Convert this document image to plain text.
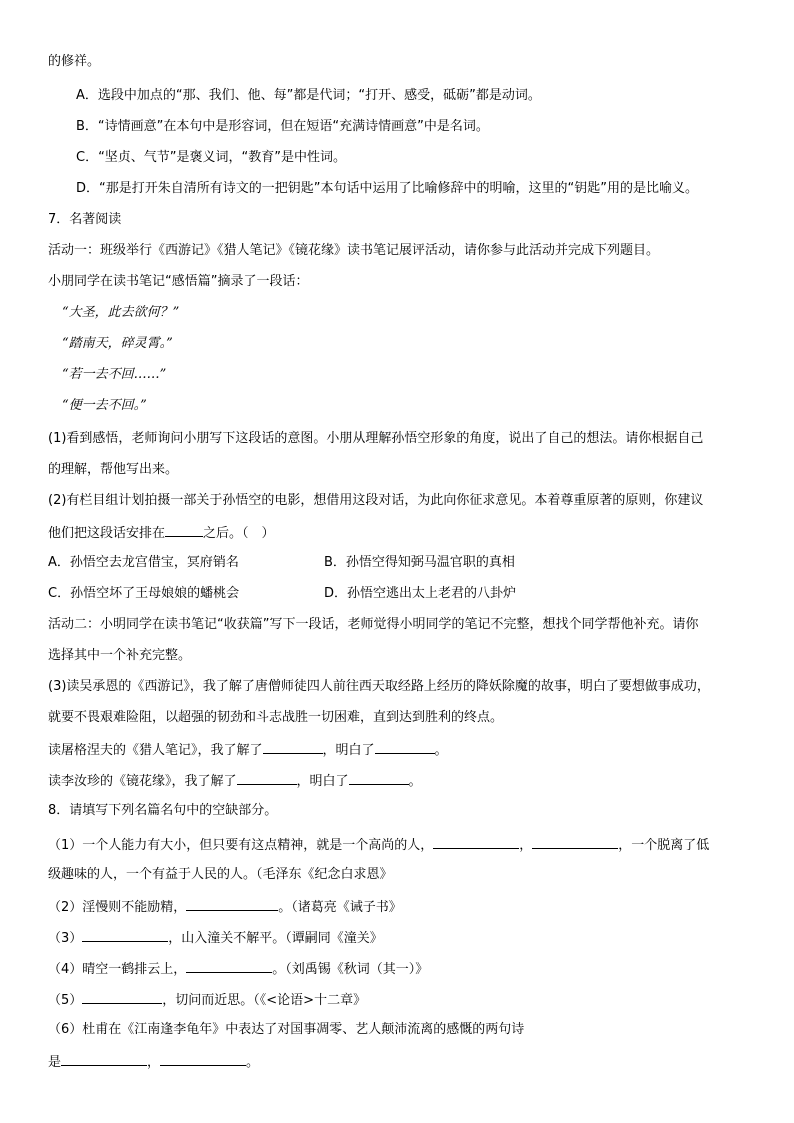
的修祥。
A．选段中加点的“那、我们、他、每”都是代词；“打开、感受，砥砺”都是动词。
B．“诗情画意”在本句中是形容词，但在短语“充满诗情画意”中是名词。
C．“坚贞、气节”是褒义词，“教育”是中性词。
D．“那是打开朱自清所有诗文的一把钥匙”本句话中运用了比喻修辞中的明喻，这里的“钥匙”用的是比喻义。
7．名著阅读
活动一：班级举行《西游记》《猎人笔记》《镜花缘》读书笔记展评活动，请你参与此活动并完成下列题目。
小朋同学在读书笔记“感悟篇”摘录了一段话：
“大圣，此去欲何？”
“踏南天，碎灵霄。”
“若一去不回……”
“便一去不回。”
(1)看到感悟，老师询问小朋写下这段话的意图。小朋从理解孙悟空形象的角度，说出了自己的想法。请你根据自己
的理解，帮他写出来。
(2)有栏目组计划拍摄一部关于孙悟空的电影，想借用这段对话，为此向你征求意见。本着尊重原著的原则，你建议
他们把这段话安排在	之后。（　）
A．孙悟空去龙宫借宝，冥府销名	B．孙悟空得知弼马温官职的真相
C．孙悟空坏了王母娘娘的蟠桃会	D．孙悟空逃出太上老君的八卦炉
活动二：小明同学在读书笔记“收获篇”写下一段话，老师觉得小明同学的笔记不完整，想找个同学帮他补充。请你
选择其中一个补充完整。
(3)读吴承恩的《西游记》，我了解了唐僧师徒四人前往西天取经路上经历的降妖除魔的故事，明白了要想做事成功，
就要不畏艰难险阻，以超强的韧劲和斗志战胜一切困难，直到达到胜利的终点。
读屠格涅夫的《猎人笔记》，我了解了	，明白了	。
读李汝珍的《镜花缘》，我了解了	，明白了	。
8．请填写下列名篇名句中的空缺部分。
（1）一个人能力有大小，但只要有这点精神，就是一个高尚的人，	，	，一个脱离了低
级趣味的人，一个有益于人民的人。（毛泽东《纪念白求恩》
（2）淫慢则不能励精，	。（诸葛亮《诫子书》
（3）	，山入潼关不解平。（谭嗣同《潼关》
（4）晴空一鹤排云上，	。（刘禹锡《秋词（其一）》
（5）	，切问而近思。（《<论语>十二章》
（6）杜甫在《江南逢李龟年》中表达了对国事凋零、艺人颠沛流离的感慨的两句诗
是	，	。
